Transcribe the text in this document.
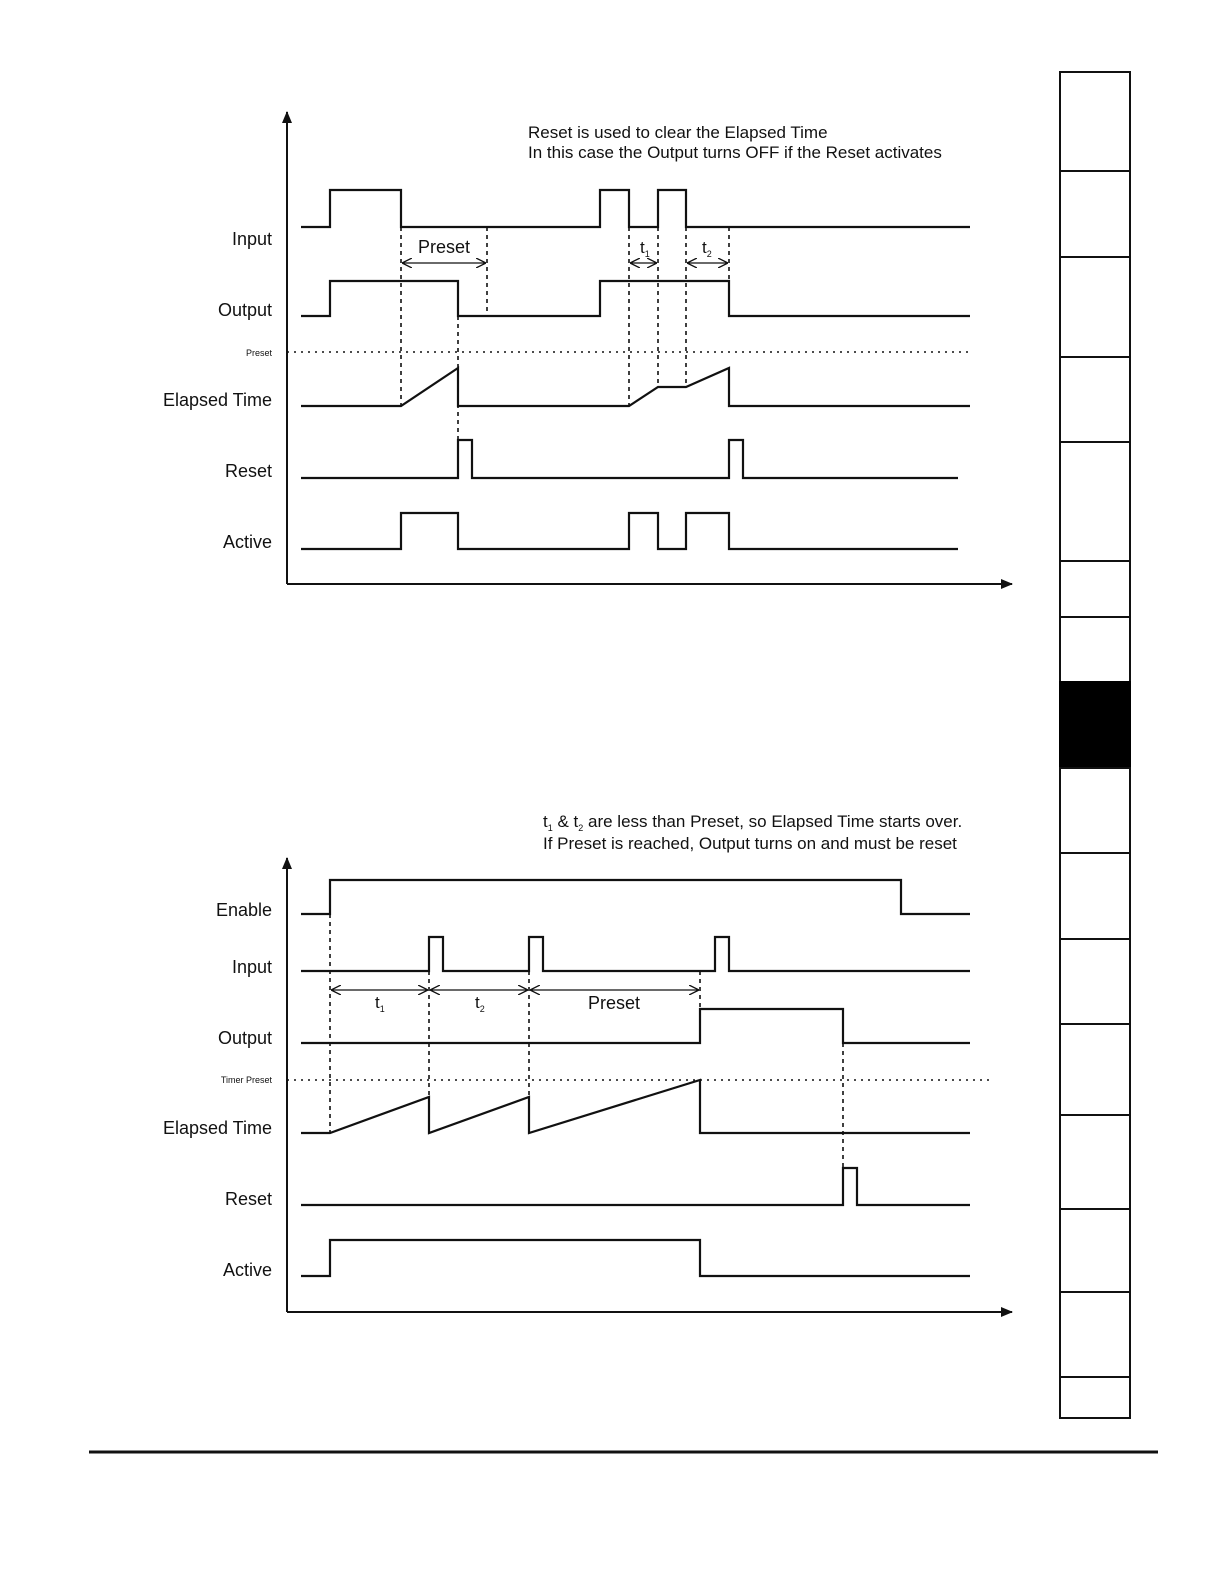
Reset is used to clear the Elapsed Time
In this case the Output turns OFF if the Reset activates
Input
Output
Preset
Elapsed Time
Reset
Active
Preset	$t_1$	$t_2$
$t_1$ & $t_2$ are less than Preset, so Elapsed Time starts over.
If Preset is reached, Output turns on and must be reset
Enable
Input
Output
Timer Preset
Elapsed Time
Reset
Active
$t_1$	$t_2$	Preset
